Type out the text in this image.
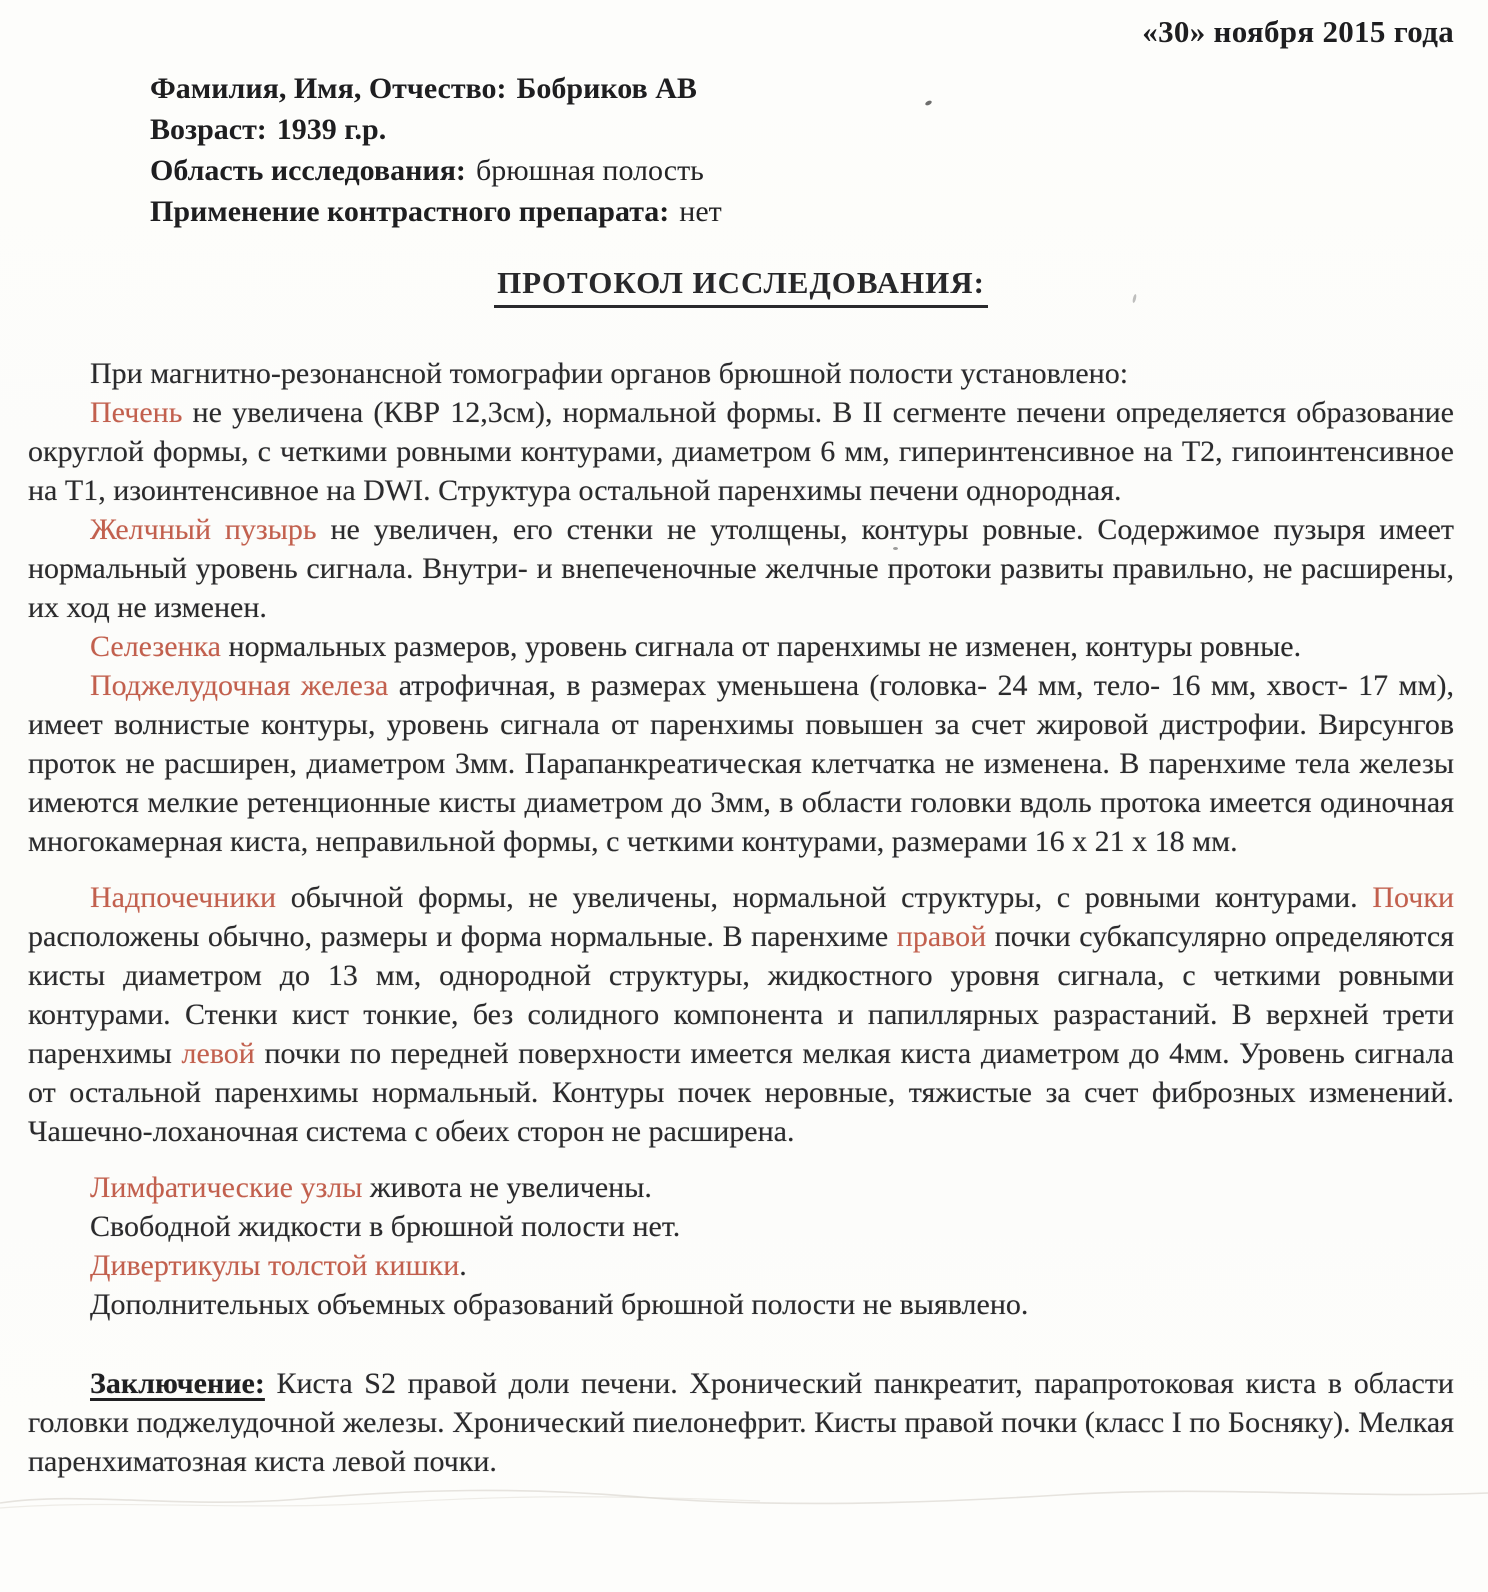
«30» ноября 2015 года
Фамилия, Имя, Отчество: Бобриков АВ
Возраст: 1939 г.р.
Область исследования: брюшная полость
Применение контрастного препарата: нет
ПРОТОКОЛ ИССЛЕДОВАНИЯ:
При магнитно-резонансной томографии органов брюшной полости установлено:
Печень не увеличена (КВР 12,3см), нормальной формы. В II сегменте печени определяется образование округлой формы, с четкими ровными контурами, диаметром 6 мм, гиперинтенсивное на Т2, гипоинтенсивное на Т1, изоинтенсивное на DWI. Структура остальной паренхимы печени однородная.
Желчный пузырь не увеличен, его стенки не утолщены, контуры ровные. Содержимое пузыря имеет нормальный уровень сигнала. Внутри- и внепеченочные желчные протоки развиты правильно, не расширены, их ход не изменен.
Селезенка нормальных размеров, уровень сигнала от паренхимы не изменен, контуры ровные.
Поджелудочная железа атрофичная, в размерах уменьшена (головка- 24 мм, тело- 16 мм, хвост- 17 мм), имеет волнистые контуры, уровень сигнала от паренхимы повышен за счет жировой дистрофии. Вирсунгов проток не расширен, диаметром 3мм. Парапанкреатическая клетчатка не изменена. В паренхиме тела железы имеются мелкие ретенционные кисты диаметром до 3мм, в области головки вдоль протока имеется одиночная многокамерная киста, неправильной формы, с четкими контурами, размерами 16 х 21 х 18 мм.
Надпочечники обычной формы, не увеличены, нормальной структуры, с ровными контурами. Почки расположены обычно, размеры и форма нормальные. В паренхиме правой почки субкапсулярно определяются кисты диаметром до 13 мм, однородной структуры, жидкостного уровня сигнала, с четкими ровными контурами. Стенки кист тонкие, без солидного компонента и папиллярных разрастаний. В верхней трети паренхимы левой почки по передней поверхности имеется мелкая киста диаметром до 4мм. Уровень сигнала от остальной паренхимы нормальный. Контуры почек неровные, тяжистые за счет фиброзных изменений. Чашечно-лоханочная система с обеих сторон не расширена.
Лимфатические узлы живота не увеличены.
Свободной жидкости в брюшной полости нет.
Дивертикулы толстой кишки.
Дополнительных объемных образований брюшной полости не выявлено.
Заключение: Киста S2 правой доли печени. Хронический панкреатит, парапротоковая киста в области головки поджелудочной железы. Хронический пиелонефрит. Кисты правой почки (класс I по Босняку). Мелкая паренхиматозная киста левой почки.
